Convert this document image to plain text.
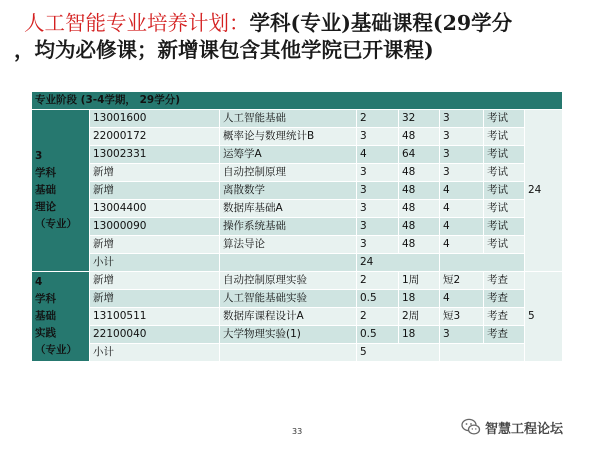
人工智能专业培养计划：学科(专业)基础课程(29学分
，均为必修课；新增课包含其他学院已开课程)
专业阶段 (3-4学期， 29学分)							
3
学科
基础
理论
（专业）	13001600	人工智能基础	2	32	3	考试	24
	22000172	概率论与数理统计B	3	48	3	考试	
	13002331	运筹学A	4	64	3	考试	
	新增	自动控制原理	3	48	3	考试	
	新增	离散数学	3	48	4	考试	
	13004400	数据库基础A	3	48	4	考试	
	13000090	操作系统基础	3	48	4	考试	
	新增	算法导论	3	48	4	考试	
	小计		24				
4
学科
基础
实践
（专业）	新增	自动控制原理实验	2	1周	短2	考查	5
	新增	人工智能基础实验	0.5	18	4	考查	
	13100511	数据库课程设计A	2	2周	短3	考查	
	22100040	大学物理实验(1)	0.5	18	3	考查	
	小计		5				
33	智慧工程论坛
